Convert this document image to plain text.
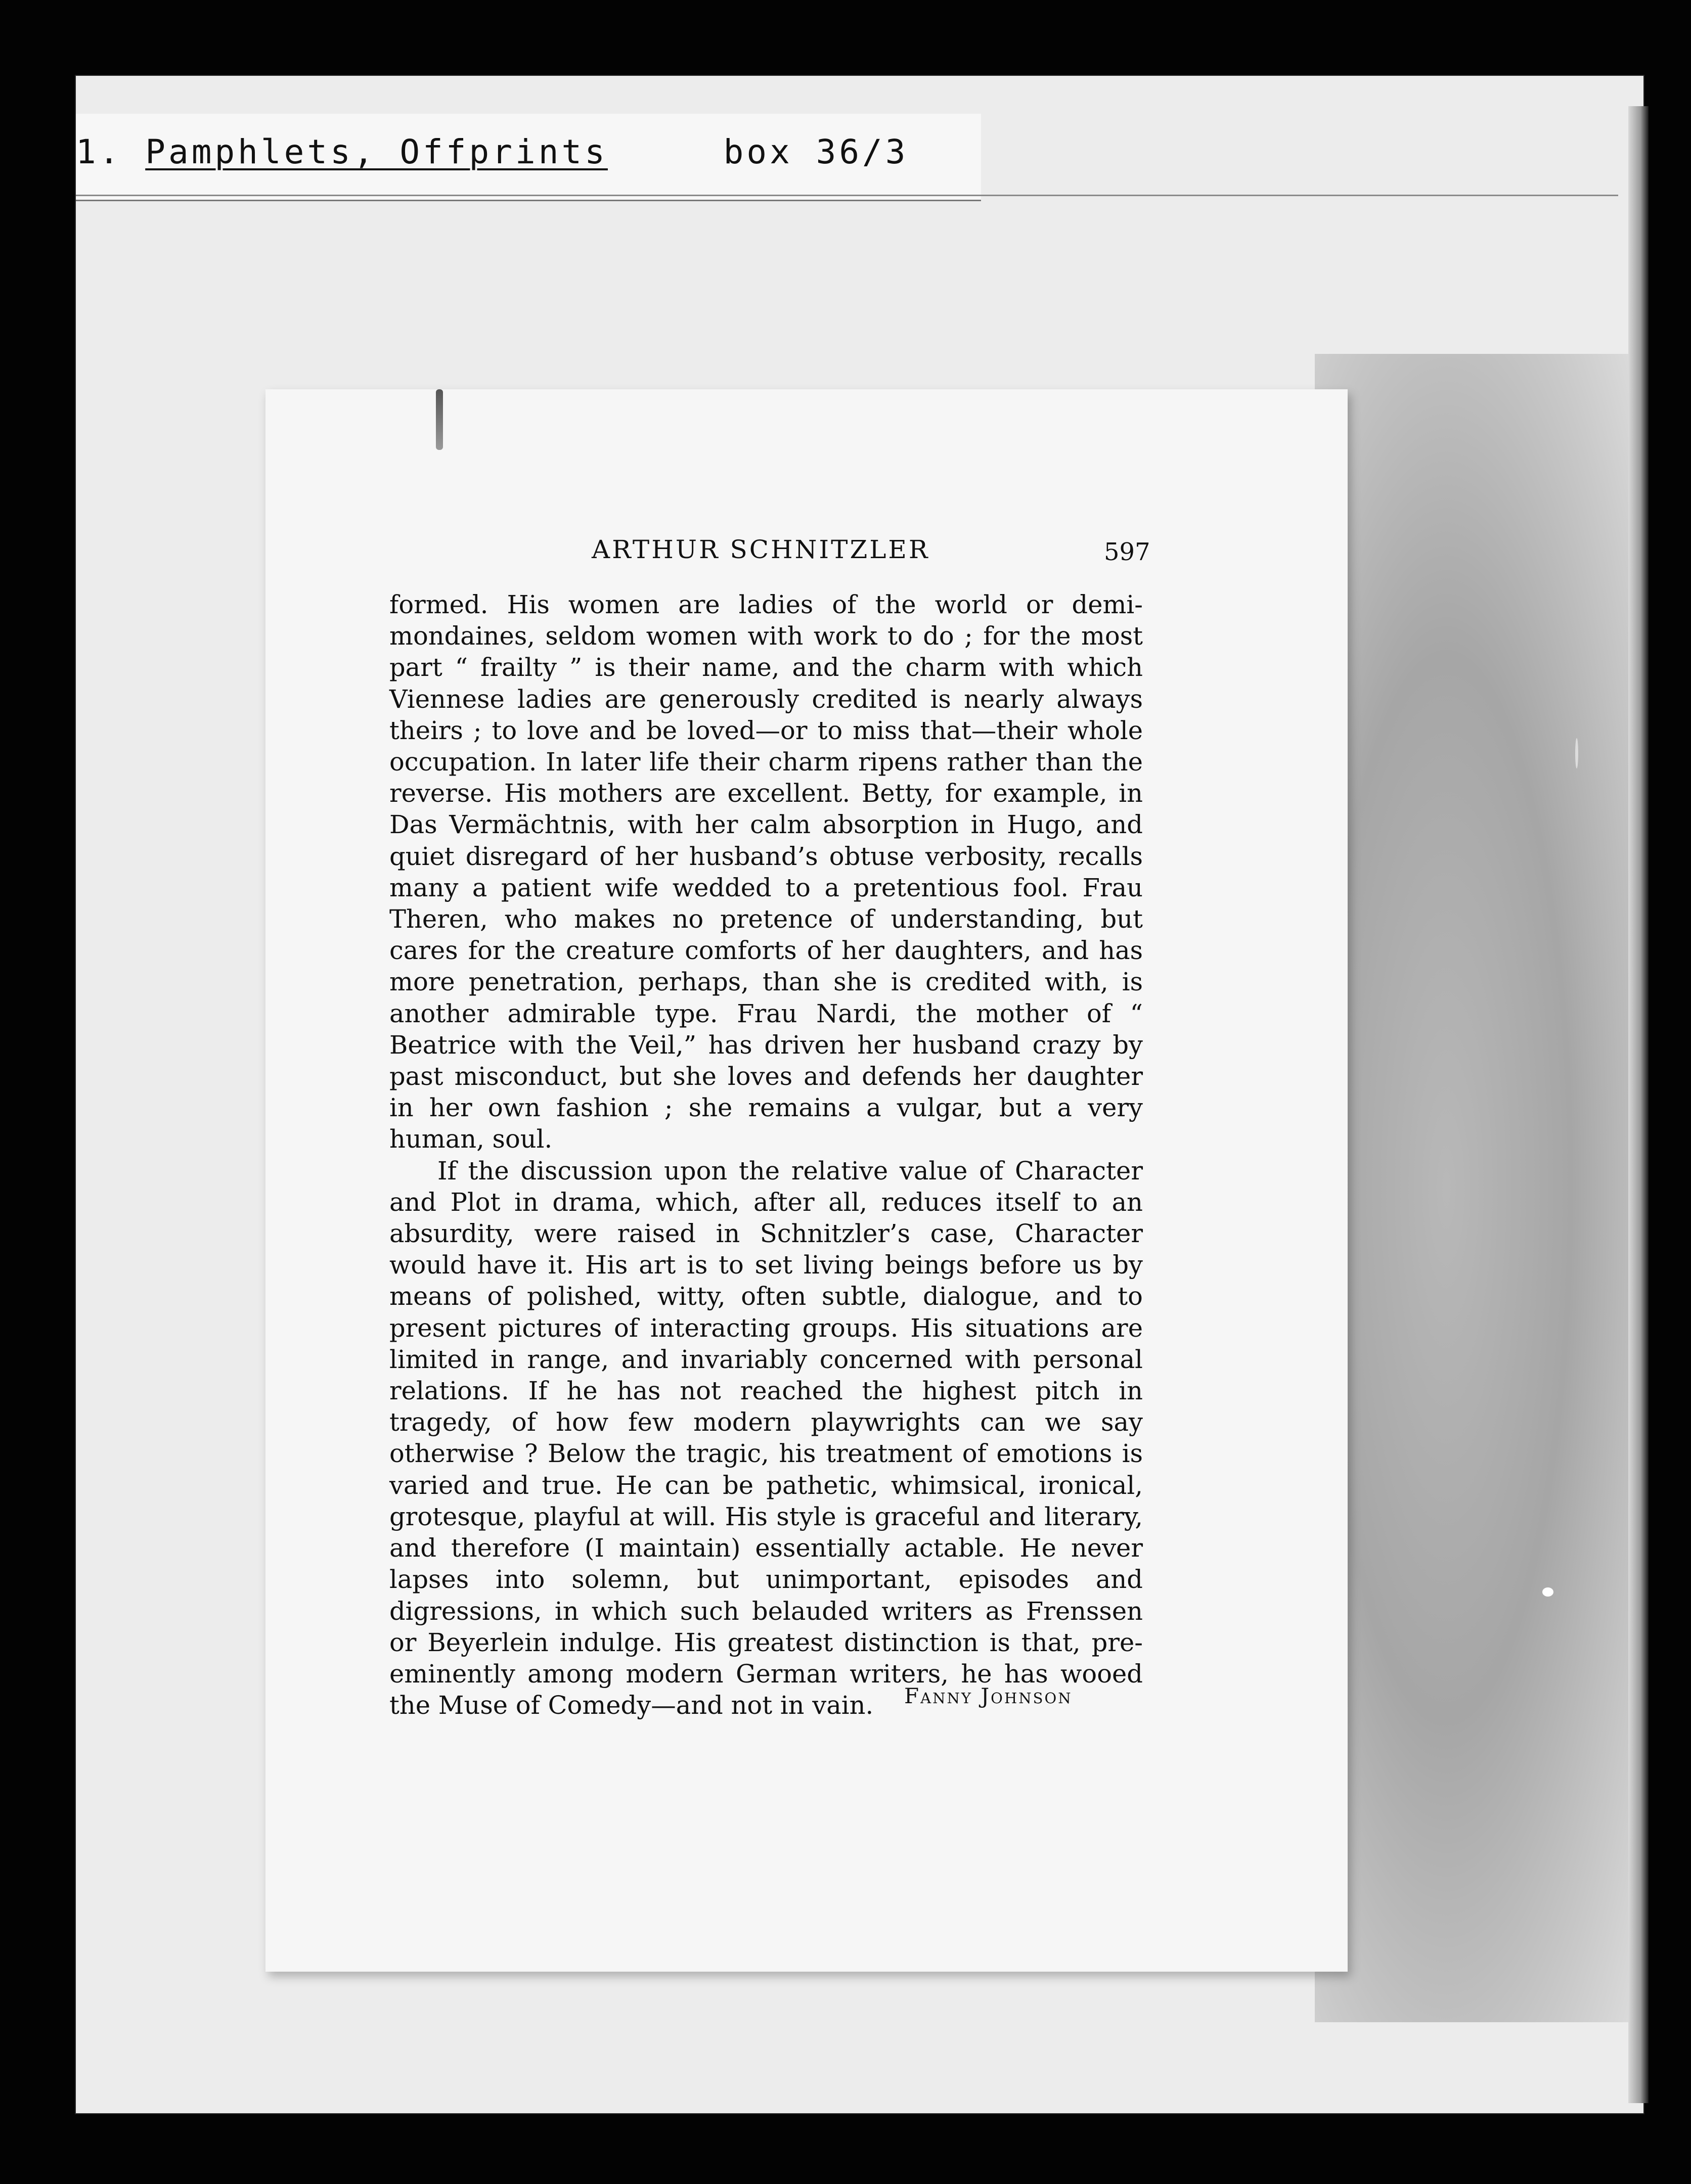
1. Pamphlets, Offprints	box 36/3
ARTHUR SCHNITZLER	597

formed. His women are ladies of the world or demi-mondaines, seldom women with work to do ; for the most part “ frailty ” is their name, and the charm with which Viennese ladies are generously credited is nearly always theirs ; to love and be loved—or to miss that—their whole occupation. In later life their charm ripens rather than the reverse. His mothers are excellent. Betty, for example, in Das Vermächtnis, with her calm absorption in Hugo, and quiet disregard of her husband’s obtuse verbosity, recalls many a patient wife wedded to a pretentious fool. Frau Theren, who makes no pretence of understanding, but cares for the creature comforts of her daughters, and has more penetration, perhaps, than she is credited with, is another admirable type. Frau Nardi, the mother of “ Beatrice with the Veil,” has driven her husband crazy by past misconduct, but she loves and defends her daughter in her own fashion ; she remains a vulgar, but a very human, soul.

If the discussion upon the relative value of Character and Plot in drama, which, after all, reduces itself to an absurdity, were raised in Schnitzler’s case, Character would have it. His art is to set living beings before us by means of polished, witty, often subtle, dialogue, and to present pictures of interacting groups. His situations are limited in range, and invariably concerned with personal relations. If he has not reached the highest pitch in tragedy, of how few modern playwrights can we say otherwise ? Below the tragic, his treatment of emotions is varied and true. He can be pathetic, whimsical, ironical, grotesque, playful at will. His style is graceful and literary, and therefore (I maintain) essentially actable. He never lapses into solemn, but unimportant, episodes and digressions, in which such belauded writers as Frenssen or Beyerlein indulge. His greatest distinction is that, pre-eminently among modern German writers, he has wooed the Muse of Comedy—and not in vain.	Fanny Johnson
